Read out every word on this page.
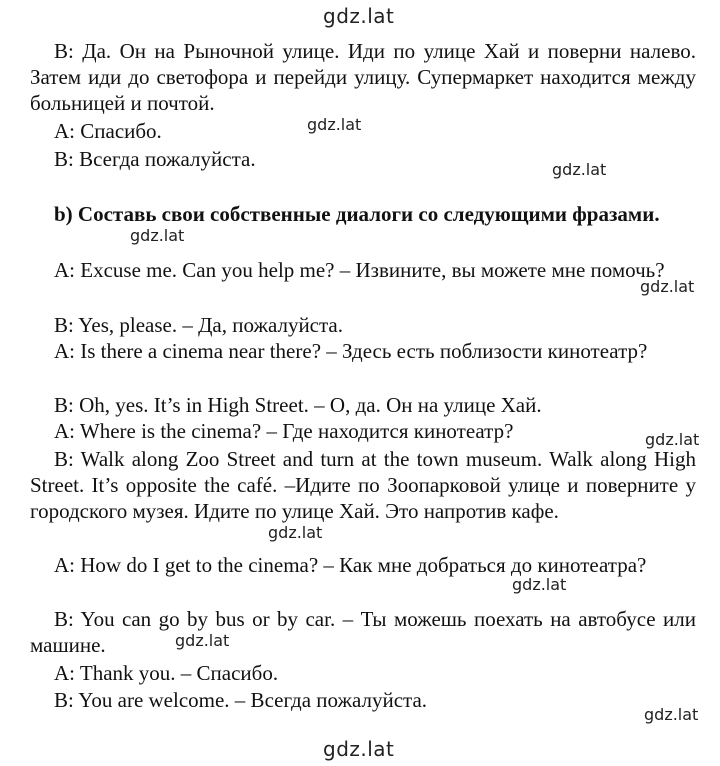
gdz.lat
gdz.lat
gdz.lat
gdz.lat
gdz.lat
gdz.lat
gdz.lat
gdz.lat
gdz.lat
gdz.lat
gdz.lat

B: Да. Он на Рыночной улице. Иди по улице Хай и поверни налево. Затем иди до светофора и перейди улицу. Супермаркет находится между больницей и почтой.

A: Спасибо.

B: Всегда пожалуйста.

b) Составь свои собственные диалоги со следующими фразами.

A: Excuse me. Can you help me? – Извините, вы можете мне помочь?

B: Yes, please. – Да, пожалуйста.

A: Is there a cinema near there? – Здесь есть поблизости кинотеатр?

B: Oh, yes. It’s in High Street. – О, да. Он на улице Хай.

A: Where is the cinema? – Где находится кинотеатр?

B: Walk along Zoo Street and turn at the town museum. Walk along High Street. It’s opposite the café. –Идите по Зоопарковой улице и поверните у городского музея. Идите по улице Хай. Это напротив кафе.

A: How do I get to the cinema? – Как мне добраться до кинотеатра?

B: You can go by bus or by car. – Ты можешь поехать на автобусе или машине.

A: Thank you. – Спасибо.

B: You are welcome. – Всегда пожалуйста.
